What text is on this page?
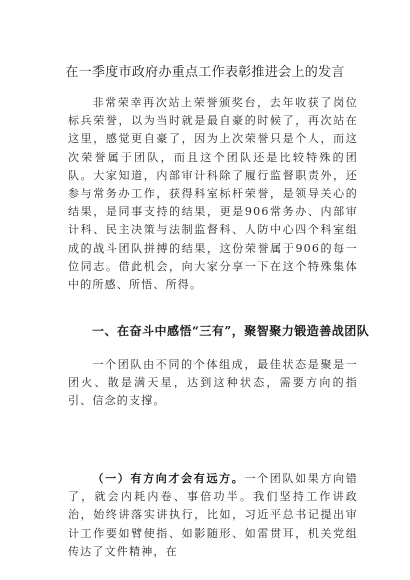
在一季度市政府办重点工作表彰推进会上的发言
非常荣幸再次站上荣誉颁奖台，去年收获了岗位标兵荣誉，以为当时就是最自豪的时候了，再次站在这里，感觉更自豪了，因为上次荣誉只是个人，而这次荣誉属于团队，而且这个团队还是比较特殊的团队。大家知道，内部审计科除了履行监督职责外，还参与常务办工作，获得科室标杆荣誉，是领导关心的结果，是同事支持的结果，更是906常务办、内部审计科、民主决策与法制监督科、人防中心四个科室组成的战斗团队拼搏的结果，这份荣誉属于906的每一位同志。借此机会，向大家分享一下在这个特殊集体中的所感、所悟、所得。
一、在奋斗中感悟“三有”，聚智聚力锻造善战团队
一个团队由不同的个体组成，最佳状态是聚是一团火、散是满天星，达到这种状态，需要方向的指引、信念的支撑。
（一）有方向才会有远方。一个团队如果方向错了，就会内耗内卷、事倍功半。我们坚持工作讲政治，始终讲落实讲执行，比如，习近平总书记提出审计工作要如臂使指、如影随形、如雷贯耳，机关党组传达了文件精神，在
